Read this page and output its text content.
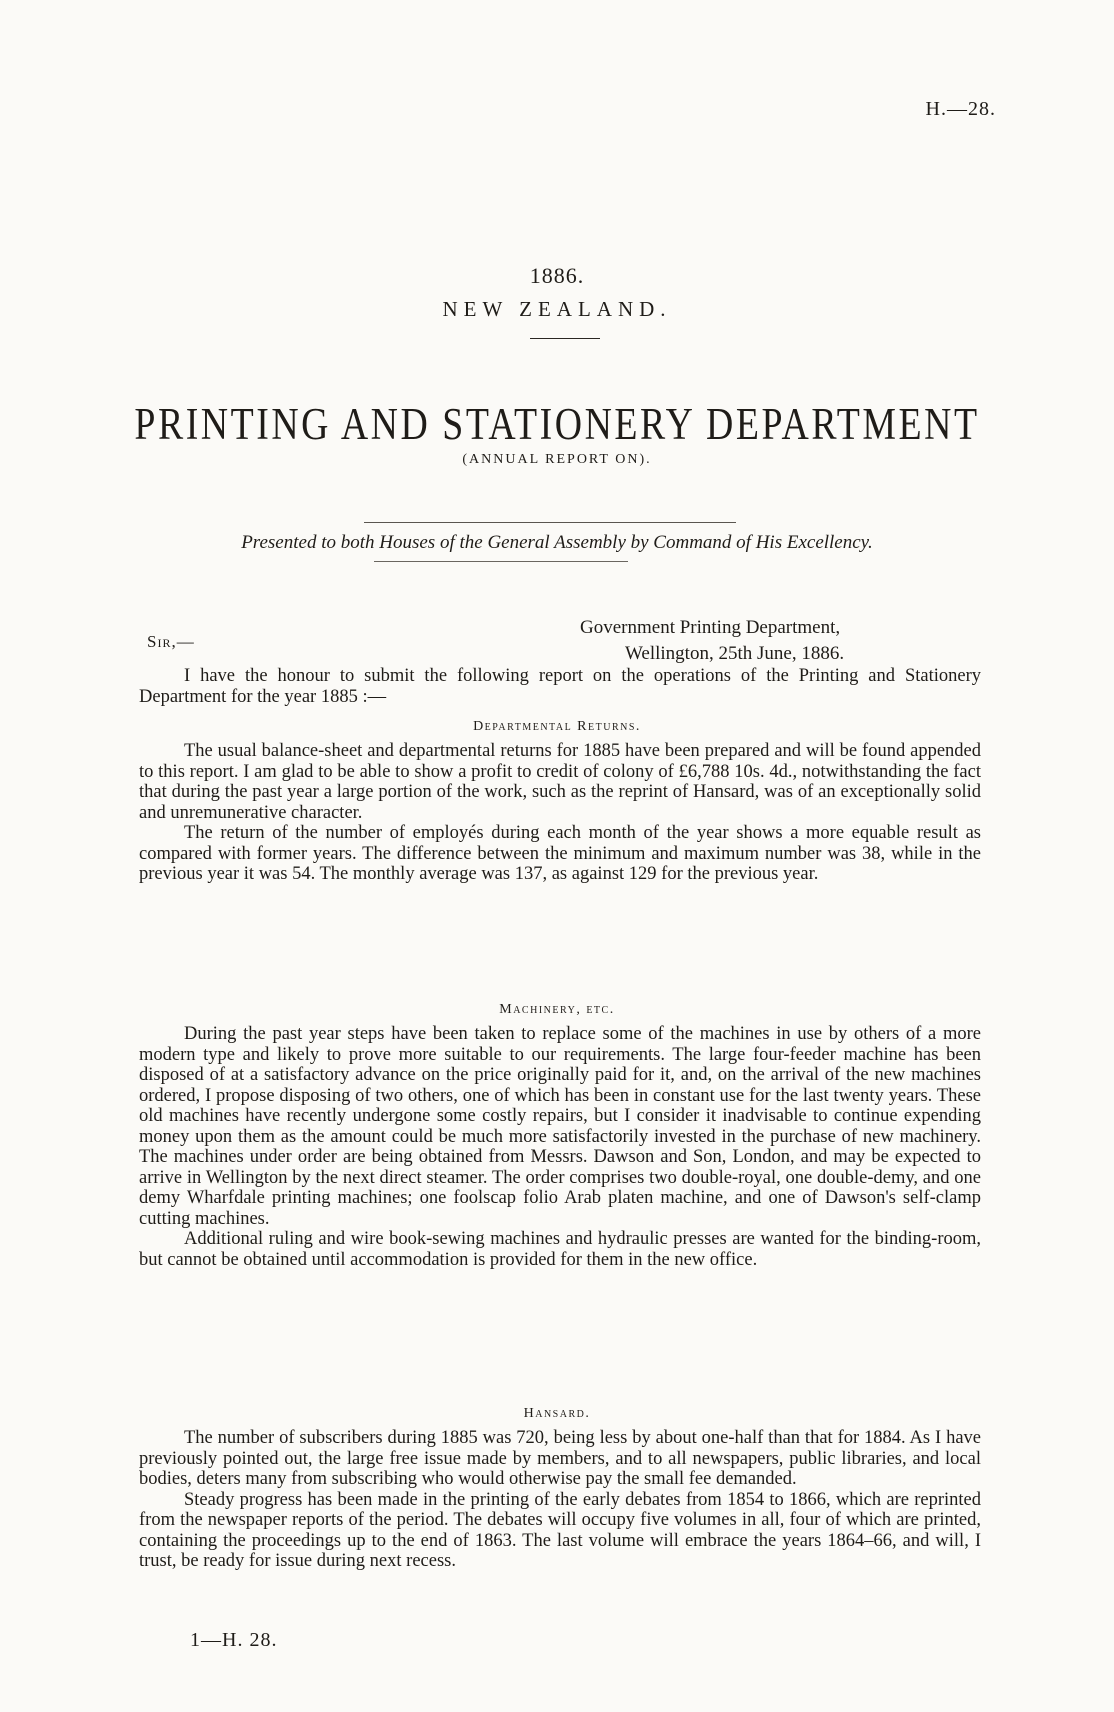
H.—28.
1886.
NEW ZEALAND.
PRINTING AND STATIONERY DEPARTMENT
(ANNUAL REPORT ON).
Presented to both Houses of the General Assembly by Command of His Excellency.
Government Printing Department,
Wellington, 25th June, 1886.
Sir,—

I have the honour to submit the following report on the operations of the Printing and Stationery Department for the year 1885 :—

Departmental Returns.

The usual balance-sheet and departmental returns for 1885 have been prepared and will be found appended to this report. I am glad to be able to show a profit to credit of colony of £6,788 10s. 4d., notwithstanding the fact that during the past year a large portion of the work, such as the reprint of Hansard, was of an exceptionally solid and unremunerative character.

The return of the number of employés during each month of the year shows a more equable result as compared with former years. The difference between the minimum and maximum number was 38, while in the previous year it was 54. The monthly average was 137, as against 129 for the previous year.

Machinery, etc.

During the past year steps have been taken to replace some of the machines in use by others of a more modern type and likely to prove more suitable to our requirements. The large four-feeder machine has been disposed of at a satisfactory advance on the price originally paid for it, and, on the arrival of the new machines ordered, I propose disposing of two others, one of which has been in constant use for the last twenty years. These old machines have recently undergone some costly repairs, but I consider it inadvisable to continue expending money upon them as the amount could be much more satisfactorily invested in the purchase of new machinery. The machines under order are being obtained from Messrs. Dawson and Son, London, and may be expected to arrive in Wellington by the next direct steamer. The order comprises two double-royal, one double-demy, and one demy Wharfdale printing machines; one foolscap folio Arab platen machine, and one of Dawson's self-clamp cutting machines.

Additional ruling and wire book-sewing machines and hydraulic presses are wanted for the binding-room, but cannot be obtained until accommodation is provided for them in the new office.

Hansard.

The number of subscribers during 1885 was 720, being less by about one-half than that for 1884. As I have previously pointed out, the large free issue made by members, and to all newspapers, public libraries, and local bodies, deters many from subscribing who would otherwise pay the small fee demanded.

Steady progress has been made in the printing of the early debates from 1854 to 1866, which are reprinted from the newspaper reports of the period. The debates will occupy five volumes in all, four of which are printed, containing the proceedings up to the end of 1863. The last volume will embrace the years 1864–66, and will, I trust, be ready for issue during next recess.

1—H. 28.
